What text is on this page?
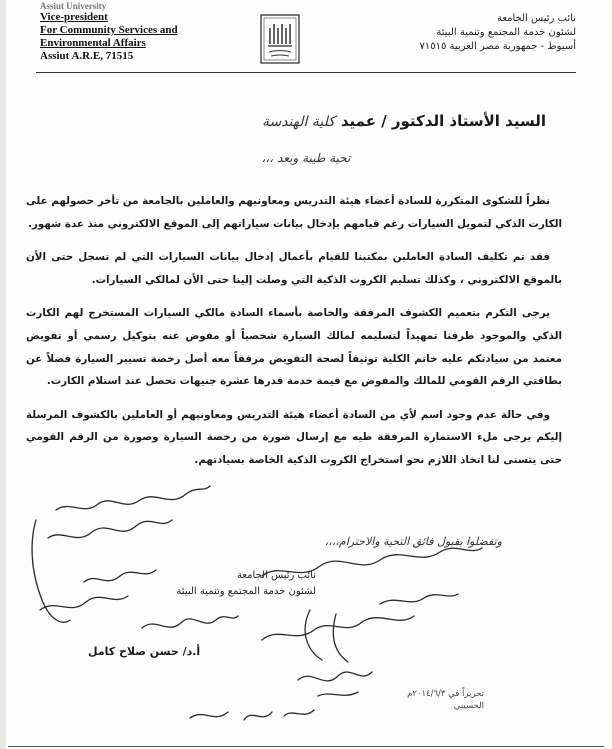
Assiut University
Vice-president
For Community Services and
Environmental Affairs
Assiut A.R.E, 71515
نائب رئيس الجامعة
لشئون خدمة المجتمع وتنمية البيئة
أسيوط - جمهورية مصر العربية ٧١٥١٥
السيد الأستاذ الدكتور / عميدكلية الهندسة
تحية طيبة وبعد ،،،

نظراً للشكوى المتكررة للسادة أعضاء هيئة التدريس ومعاونيهم والعاملين بالجامعة من تأخر حصولهم على الكارت الذكي لتمويل السيارات رغم قيامهم بإدخال بيانات سياراتهم إلى الموقع الالكتروني منذ عدة شهور.

فقد تم تكليف السادة العاملين بمكتبنا للقيام بأعمال إدخال بيانات السيارات التي لم تسجل حتى الأن بالموقع الالكتروني ، وكذلك تسليم الكروت الذكية التي وصلت إلينا حتى الأن لمالكي السيارات.

يرجى التكرم بتعميم الكشوف المرفقة والخاصة بأسماء السادة مالكي السيارات المستخرج لهم الكارت الذكي والموجود طرفنا تمهيداً لتسليمه لمالك السيارة شخصياً أو مفوض عنه بتوكيل رسمي أو تفويض معتمد من سيادتكم عليه خاتم الكلية توثيقاً لصحة التفويض مرفقاً معه أصل رخصة تسيير السيارة فضلاً عن بطاقتي الرقم القومي للمالك والمفوض مع قيمة خدمة قدرها عشرة جنيهات تحصل عند استلام الكارت.

وفي حالة عدم وجود اسم لأي من السادة أعضاء هيئة التدريس ومعاونيهم أو العاملين بالكشوف المرسلة إليكم يرجى ملء الاستمارة المرفقة طيه مع إرسال صورة من رخصة السيارة وصورة من الرقم القومي حتى يتسنى لنا اتخاذ اللازم نحو استخراج الكروت الذكية الخاصة بسيادتهم.

وتفضلوا بقبول فائق التحية والاحترام،،،،
نائب رئيس الجامعة
لشئون خدمة المجتمع وتنمية البيئة
أ.د/ حسن صلاح كامل
تحريراً في ٢٠١٤/٦/٣م
الحسيني
